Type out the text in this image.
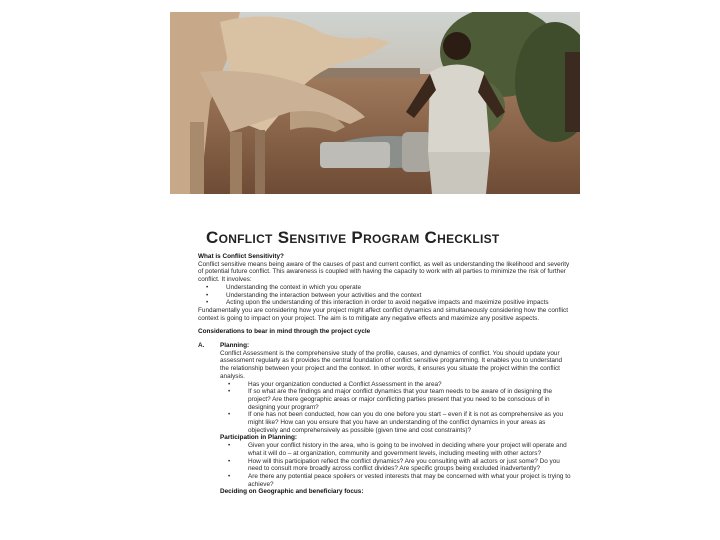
Conflict Sensitive Program Checklist
What is Conflict Sensitivity?

Conflict sensitive means being aware of the causes of past and current conflict, as well as understanding the likelihood and severity of potential future conflict. This awareness is coupled with having the capacity to work with all parties to minimize the risk of further conflict. It involves:

• Understanding the context in which you operate
• Understanding the interaction between your activities and the context
• Acting upon the understanding of this interaction in order to avoid negative impacts and maximize positive impacts

Fundamentally you are considering how your project might affect conflict dynamics and simultaneously considering how the conflict context is going to impact on your project. The aim is to mitigate any negative effects and maximize any positive aspects.

Considerations to bear in mind through the project cycle
A.	Planning:

Conflict Assessment is the comprehensive study of the profile, causes, and dynamics of conflict. You should update your assessment regularly as it provides the central foundation of conflict sensitive programming. It enables you to understand the relationship between your project and the context. In other words, it ensures you situate the project within the conflict analysis.

• Has your organization conducted a Conflict Assessment in the area?
• If so what are the findings and major conflict dynamics that your team needs to be aware of in designing the project? Are there geographic areas or major conflicting parties present that you need to be conscious of in designing your program?
• If one has not been conducted, how can you do one before you start – even if it is not as comprehensive as you might like? How can you ensure that you have an understanding of the conflict dynamics in your areas as objectively and comprehensively as possible (given time and cost constraints)?
Participation in Planning:
• Given your conflict history in the area, who is going to be involved in deciding where your project will operate and what it will do – at organization, community and government levels, including meeting with other actors?
• How will this participation reflect the conflict dynamics? Are you consulting with all actors or just some? Do you need to consult more broadly across conflict divides? Are specific groups being excluded inadvertently?
• Are there any potential peace spoilers or vested interests that may be concerned with what your project is trying to achieve?
Deciding on Geographic and beneficiary focus:
